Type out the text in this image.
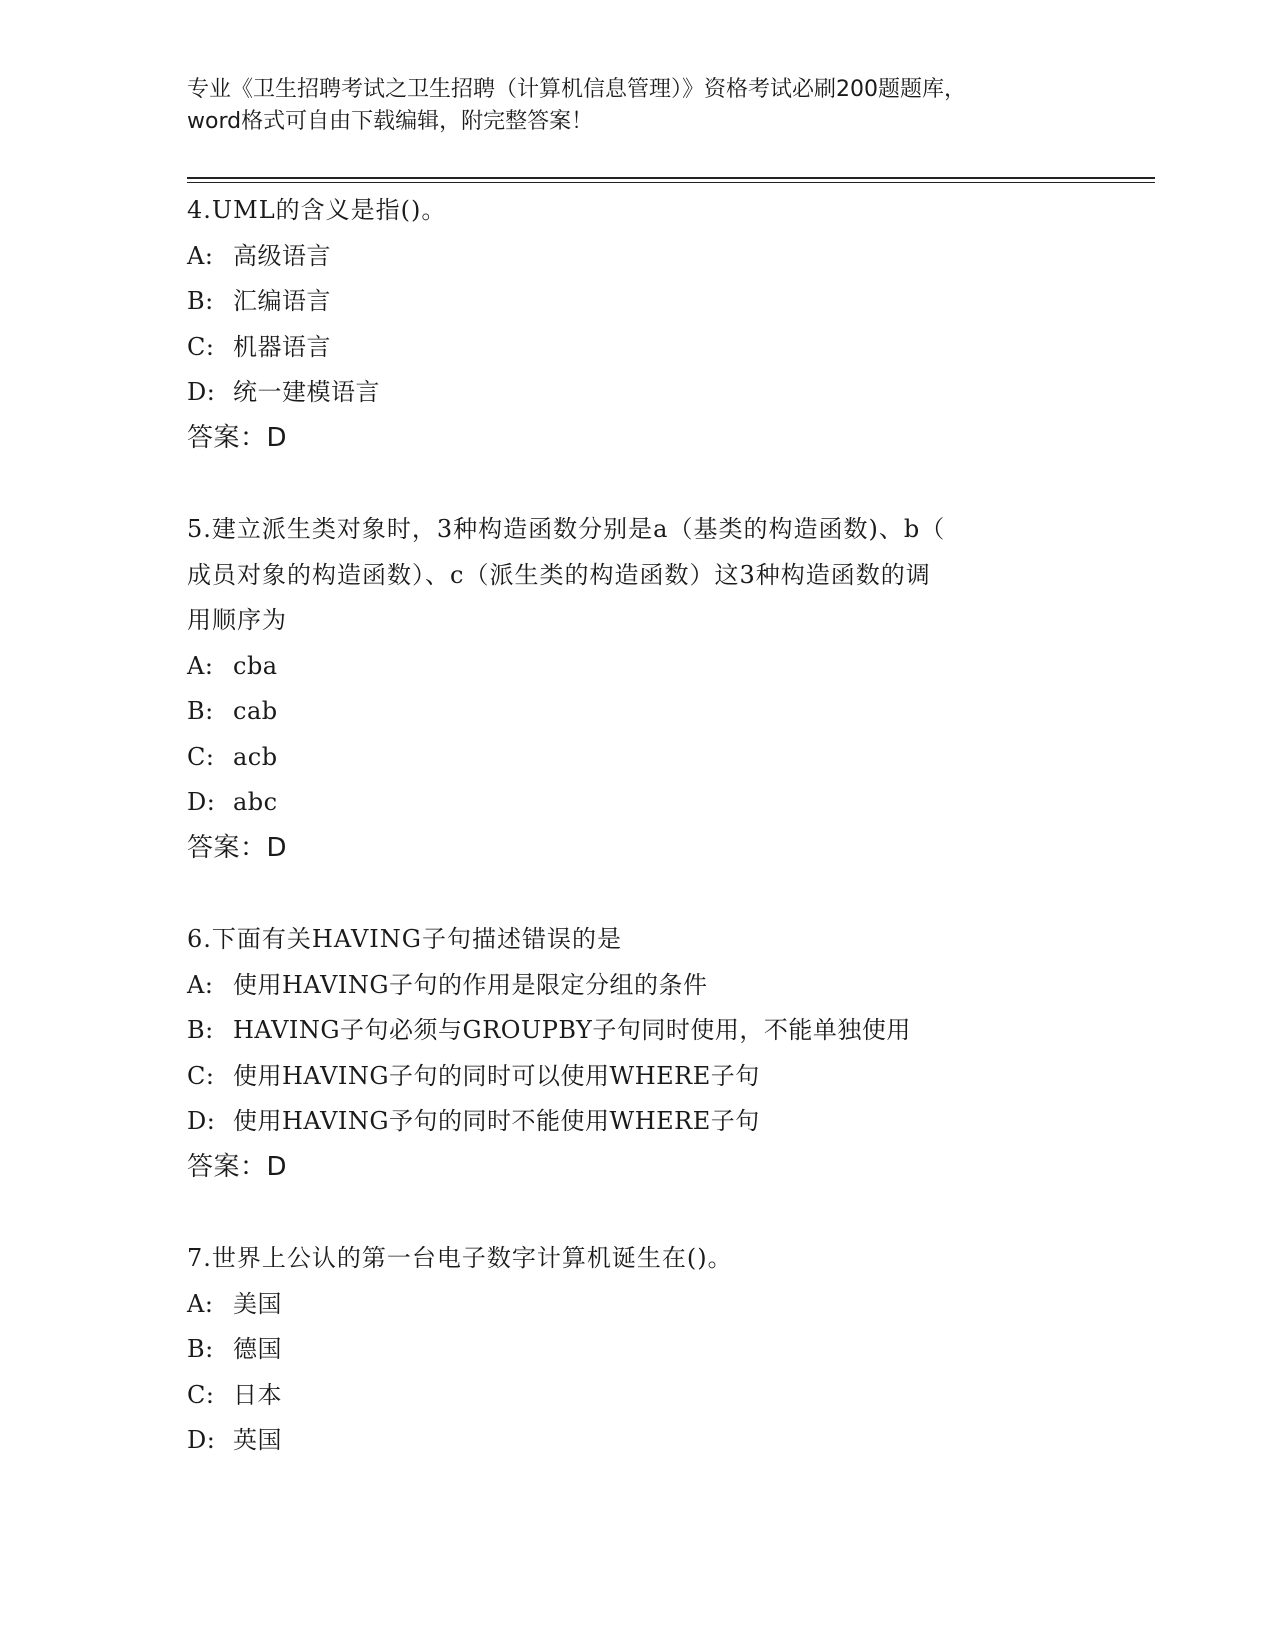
专业《卫生招聘考试之卫生招聘（计算机信息管理）》资格考试必刷200题题库，
word格式可自由下载编辑，附完整答案！
4.UML的含义是指()。
A: 高级语言
B: 汇编语言
C: 机器语言
D: 统一建模语言
答案：D
5.建立派生类对象时，3种构造函数分别是a（基类的构造函数)、b（
成员对象的构造函数）、c（派生类的构造函数）这3种构造函数的调
用顺序为
A: cba
B: cab
C: acb
D: abc
答案：D
6.下面有关HAVING子句描述错误的是
A: 使用HAVING子句的作用是限定分组的条件
B: HAVING子句必须与GROUPBY子句同时使用，不能单独使用
C: 使用HAVING子句的同时可以使用WHERE子句
D: 使用HAVING予句的同时不能使用WHERE子句
答案：D
7.世界上公认的第一台电子数字计算机诞生在()。
A: 美国
B: 德国
C: 日本
D: 英国
